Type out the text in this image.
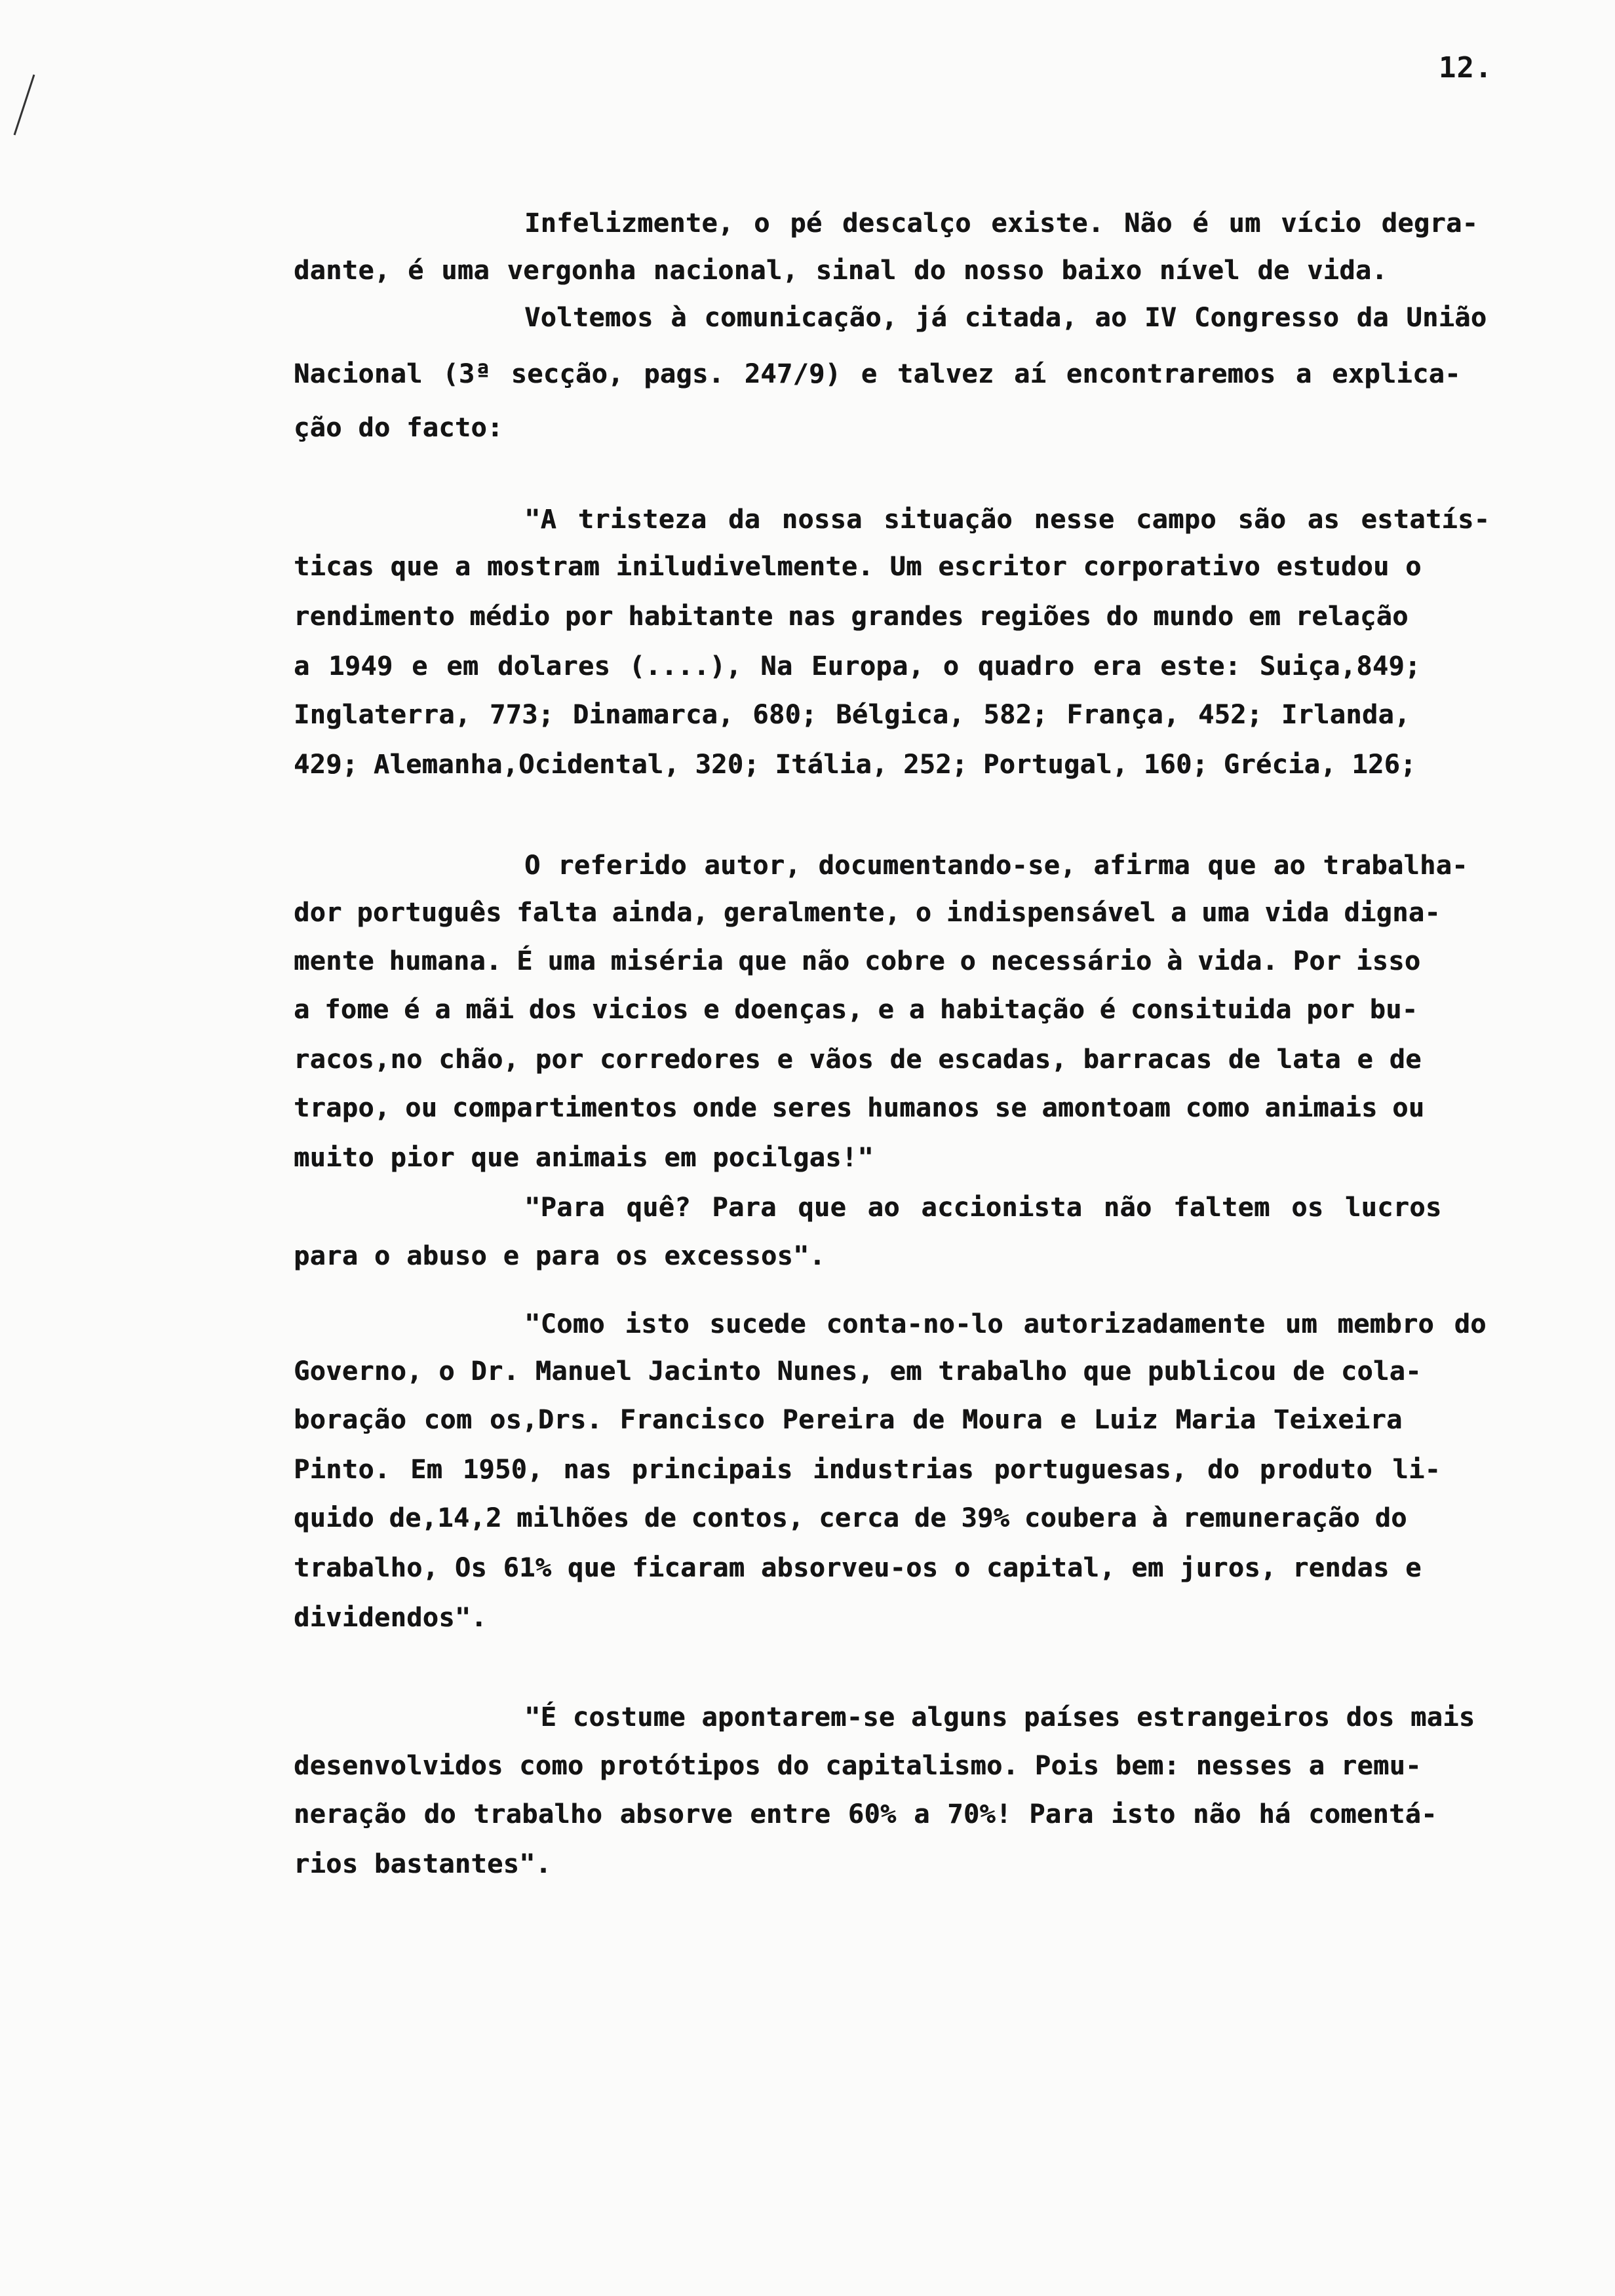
12.
Infelizmente, o pé descalço existe. Não é um vício degra-
dante, é uma vergonha nacional, sinal do nosso baixo nível de vida.
Voltemos à comunicação, já citada, ao IV Congresso da União
Nacional (3ª secção, pags. 247/9) e talvez aí encontraremos a explica-
ção do facto:
"A tristeza da nossa situação nesse campo são as estatís-
ticas que a mostram iniludivelmente. Um escritor corporativo estudou o
rendimento médio por habitante nas grandes regiões do mundo em relação
a 1949 e em dolares (....), Na Europa, o quadro era este: Suiça,849;
Inglaterra, 773; Dinamarca, 680; Bélgica, 582; França, 452; Irlanda,
429; Alemanha,Ocidental, 320; Itália, 252; Portugal, 160; Grécia, 126;
O referido autor, documentando-se, afirma que ao trabalha-
dor português falta ainda, geralmente, o indispensável a uma vida digna-
mente humana. É uma miséria que não cobre o necessário à vida. Por isso
a fome é a mãi dos vicios e doenças, e a habitação é consituida por bu-
racos,no chão, por corredores e vãos de escadas, barracas de lata e de
trapo, ou compartimentos onde seres humanos se amontoam como animais ou
muito pior que animais em pocilgas!"
"Para quê? Para que ao accionista não faltem os lucros
para o abuso e para os excessos".
"Como isto sucede conta-no-lo autorizadamente um membro do
Governo, o Dr. Manuel Jacinto Nunes, em trabalho que publicou de cola-
boração com os,Drs. Francisco Pereira de Moura e Luiz Maria Teixeira
Pinto. Em 1950, nas principais industrias portuguesas, do produto li-
quido de,14,2 milhões de contos, cerca de 39% coubera à remuneração do
trabalho, Os 61% que ficaram absorveu-os o capital, em juros, rendas e
dividendos".
"É costume apontarem-se alguns países estrangeiros dos mais
desenvolvidos como protótipos do capitalismo. Pois bem: nesses a remu-
neração do trabalho absorve entre 60% a 70%! Para isto não há comentá-
rios bastantes".
